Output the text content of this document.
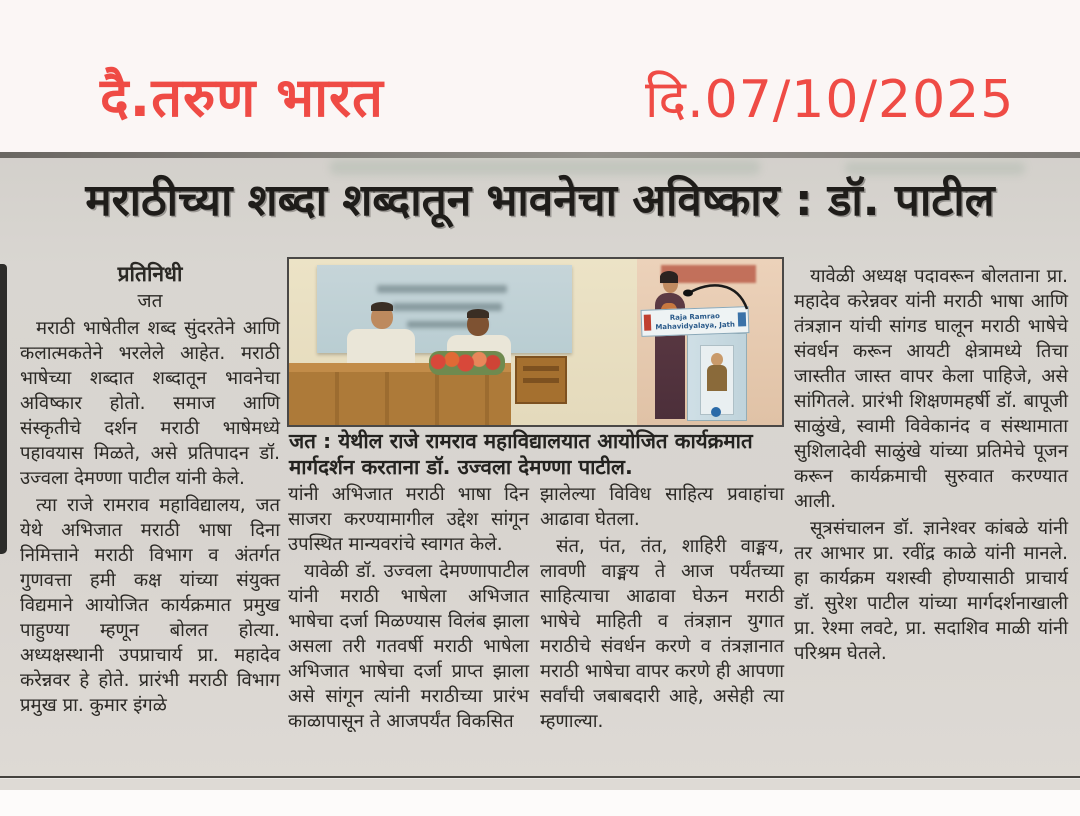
दै.तरुण भारत	दि.07/10/2025
मराठीच्या शब्दा शब्दातून भावनेचा अविष्कार : डॉ. पाटील

प्रतिनिधी

जत

मराठी भाषेतील शब्द सुंदरतेने आणि कलात्मकतेने भरलेले आहेत. मराठी भाषेच्या शब्दात शब्दातून भावनेचा अविष्कार होतो. समाज आणि संस्कृतीचे दर्शन मराठी भाषेमध्ये पहावयास मिळते, असे प्रतिपादन डॉ. उज्वला देमण्णा पाटील यांनी केले.

त्या राजे रामराव महाविद्यालय, जत येथे अभिजात मराठी भाषा दिना निमित्ताने मराठी विभाग व अंतर्गत गुणवत्ता हमी कक्ष यांच्या संयुक्त विद्यमाने आयोजित कार्यक्रमात प्रमुख पाहुण्या म्हणून बोलत होत्या. अध्यक्षस्थानी उपप्राचार्य प्रा. महादेव करेन्नवर हे होते. प्रारंभी मराठी विभाग प्रमुख प्रा. कुमार इंगळे

Raja Ramrao
Mahavidyalaya, Jath
जत : येथील राजे रामराव महाविद्यालयात आयोजित कार्यक्रमात मार्गदर्शन करताना डॉ. उज्वला देमण्णा पाटील.

यांनी अभिजात मराठी भाषा दिन साजरा करण्यामागील उद्देश सांगून उपस्थित मान्यवरांचे स्वागत केले.

यावेळी डॉ. उज्वला देमण्णापाटील यांनी मराठी भाषेला अभिजात भाषेचा दर्जा मिळण्यास विलंब झाला असला तरी गतवर्षी मराठी भाषेला अभिजात भाषेचा दर्जा प्राप्त झाला असे सांगून त्यांनी मराठीच्या प्रारंभ काळापासून ते आजपर्यंत विकसित

झालेल्या विविध साहित्य प्रवाहांचा आढावा घेतला.

संत, पंत, तंत, शाहिरी वाङ्मय, लावणी वाङ्मय ते आज पर्यंतच्या साहित्याचा आढावा घेऊन मराठी भाषेचे माहिती व तंत्रज्ञान युगात मराठीचे संवर्धन करणे व तंत्रज्ञानात मराठी भाषेचा वापर करणे ही आपणा सर्वांची जबाबदारी आहे, असेही त्या म्हणाल्या.

यावेळी अध्यक्ष पदावरून बोलताना प्रा. महादेव करेन्नवर यांनी मराठी भाषा आणि तंत्रज्ञान यांची सांगड घालून मराठी भाषेचे संवर्धन करून आयटी क्षेत्रामध्ये तिचा जास्तीत जास्त वापर केला पाहिजे, असे सांगितले. प्रारंभी शिक्षणमहर्षी डॉ. बापूजी साळुंखे, स्वामी विवेकानंद व संस्थामाता सुशिलादेवी साळुंखे यांच्या प्रतिमेचे पूजन करून कार्यक्रमाची सुरुवात करण्यात आली.

सूत्रसंचालन डॉ. ज्ञानेश्वर कांबळे यांनी तर आभार प्रा. रवींद्र काळे यांनी मानले. हा कार्यक्रम यशस्वी होण्यासाठी प्राचार्य डॉ. सुरेश पाटील यांच्या मार्गदर्शनाखाली प्रा. रेश्मा लवटे, प्रा. सदाशिव माळी यांनी परिश्रम घेतले.
